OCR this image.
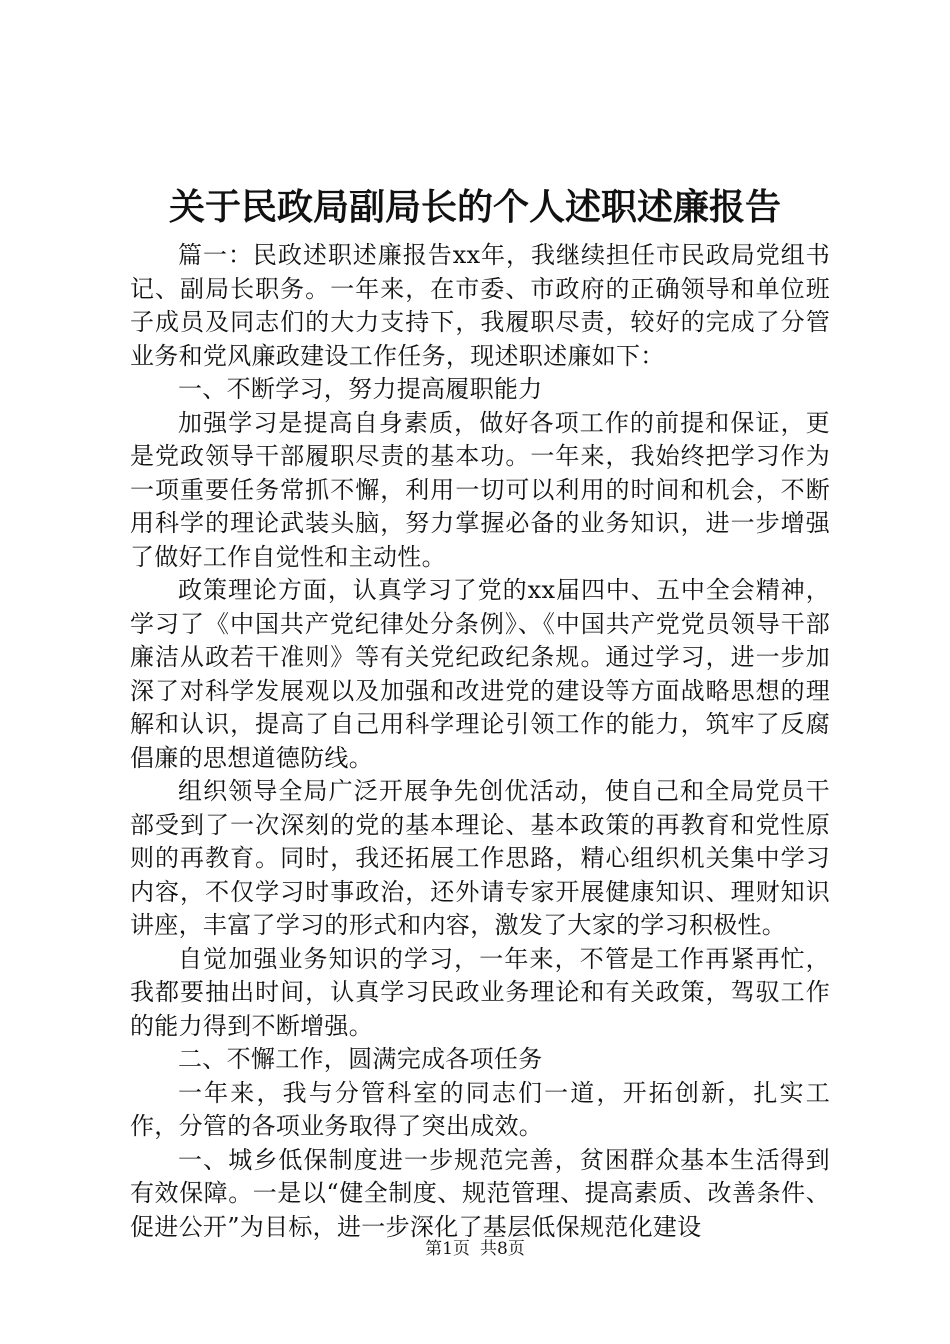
关于民政局副局长的个人述职述廉报告

篇一：民政述职述廉报告xx年，我继续担任市民政局党组书记、副局长职务。一年来，在市委、市政府的正确领导和单位班子成员及同志们的大力支持下，我履职尽责，较好的完成了分管业务和党风廉政建设工作任务，现述职述廉如下：

一、不断学习，努力提高履职能力

加强学习是提高自身素质，做好各项工作的前提和保证，更是党政领导干部履职尽责的基本功。一年来，我始终把学习作为一项重要任务常抓不懈，利用一切可以利用的时间和机会，不断用科学的理论武装头脑，努力掌握必备的业务知识，进一步增强了做好工作自觉性和主动性。

政策理论方面，认真学习了党的xx届四中、五中全会精神，学习了《中国共产党纪律处分条例》、《中国共产党党员领导干部廉洁从政若干准则》等有关党纪政纪条规。通过学习，进一步加深了对科学发展观以及加强和改进党的建设等方面战略思想的理解和认识，提高了自己用科学理论引领工作的能力，筑牢了反腐倡廉的思想道德防线。

组织领导全局广泛开展争先创优活动，使自己和全局党员干部受到了一次深刻的党的基本理论、基本政策的再教育和党性原则的再教育。同时，我还拓展工作思路，精心组织机关集中学习内容，不仅学习时事政治，还外请专家开展健康知识、理财知识讲座，丰富了学习的形式和内容，激发了大家的学习积极性。

自觉加强业务知识的学习，一年来，不管是工作再紧再忙，我都要抽出时间，认真学习民政业务理论和有关政策，驾驭工作的能力得到不断增强。

二、不懈工作，圆满完成各项任务

一年来，我与分管科室的同志们一道，开拓创新，扎实工作，分管的各项业务取得了突出成效。

一、城乡低保制度进一步规范完善，贫困群众基本生活得到有效保障。一是以“健全制度、规范管理、提高素质、改善条件、促进公开”为目标，进一步深化了基层低保规范化建设

第1页 共8页
